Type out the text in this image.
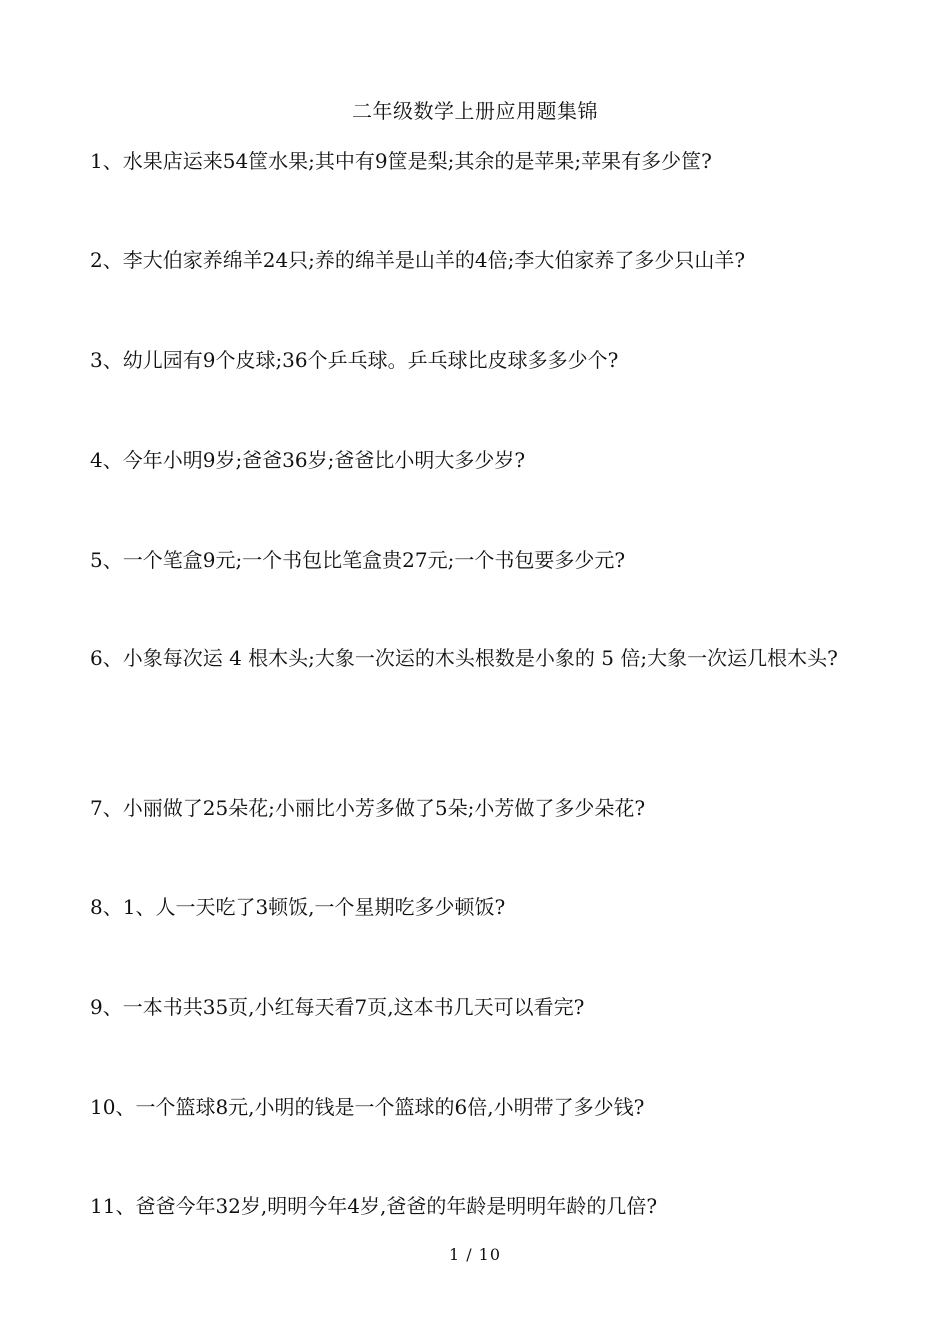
二年级数学上册应用题集锦
1、水果店运来54筐水果;其中有9筐是梨;其余的是苹果;苹果有多少筐?
2、李大伯家养绵羊24只;养的绵羊是山羊的4倍;李大伯家养了多少只山羊?
3、幼儿园有9个皮球;36个乒乓球。乒乓球比皮球多多少个?
4、今年小明9岁;爸爸36岁;爸爸比小明大多少岁?
5、一个笔盒9元;一个书包比笔盒贵27元;一个书包要多少元?
6、小象每次运 4 根木头;大象一次运的木头根数是小象的 5 倍;大象一次运几根木头?
7、小丽做了25朵花;小丽比小芳多做了5朵;小芳做了多少朵花?
8、1、人一天吃了3顿饭,一个星期吃多少顿饭?
9、一本书共35页,小红每天看7页,这本书几天可以看完?
10、一个篮球8元,小明的钱是一个篮球的6倍,小明带了多少钱?
11、爸爸今年32岁,明明今年4岁,爸爸的年龄是明明年龄的几倍?
1 / 10
